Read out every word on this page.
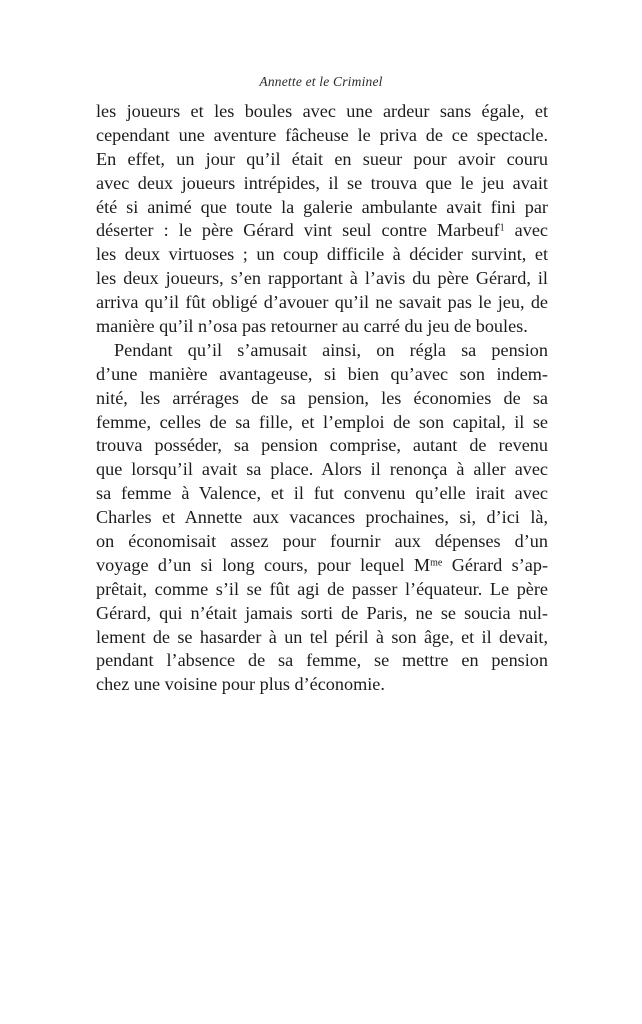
Annette et le Criminel
les joueurs et les boules avec une ardeur sans égale, et
cependant une aventure fâcheuse le priva de ce spectacle.
En effet, un jour qu’il était en sueur pour avoir couru
avec deux joueurs intrépides, il se trouva que le jeu avait
été si animé que toute la galerie ambulante avait fini par
déserter : le père Gérard vint seul contre Marbeuf$^1$ avec
les deux virtuoses ; un coup difficile à décider survint, et
les deux joueurs, s’en rapportant à l’avis du père Gérard, il
arriva qu’il fût obligé d’avouer qu’il ne savait pas le jeu, de
manière qu’il n’osa pas retourner au carré du jeu de boules.
Pendant qu’il s’amusait ainsi, on régla sa pension
d’une manière avantageuse, si bien qu’avec son indem-
nité, les arrérages de sa pension, les économies de sa
femme, celles de sa fille, et l’emploi de son capital, il se
trouva posséder, sa pension comprise, autant de revenu
que lorsqu’il avait sa place. Alors il renonça à aller avec
sa femme à Valence, et il fut convenu qu’elle irait avec
Charles et Annette aux vacances prochaines, si, d’ici là,
on économisait assez pour fournir aux dépenses d’un
voyage d’un si long cours, pour lequel $M^{me}$ Gérard s’ap-
prêtait, comme s’il se fût agi de passer l’équateur. Le père
Gérard, qui n’était jamais sorti de Paris, ne se soucia nul-
lement de se hasarder à un tel péril à son âge, et il devait,
pendant l’absence de sa femme, se mettre en pension
chez une voisine pour plus d’économie.
